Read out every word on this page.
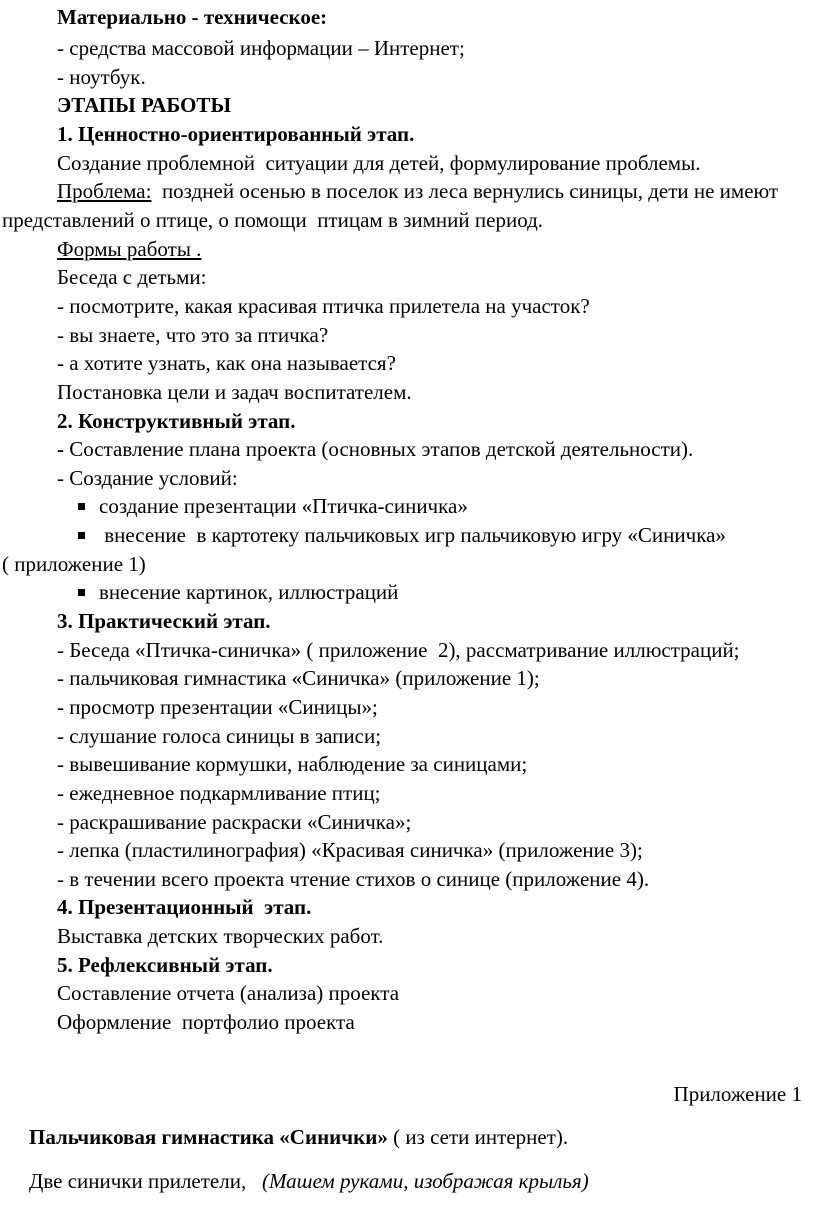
Материально - техническое:
- средства массовой информации – Интернет;
- ноутбук.
ЭТАПЫ РАБОТЫ
1. Ценностно-ориентированный этап.
Создание проблемной  ситуации для детей, формулирование проблемы.
Проблема:  поздней осенью в поселок из леса вернулись синицы, дети не имеют
представлений о птице, о помощи  птицам в зимний период.
Формы работы .
Беседа с детьми:
- посмотрите, какая красивая птичка прилетела на участок?
- вы знаете, что это за птичка?
- а хотите узнать, как она называется?
Постановка цели и задач воспитателем.
2. Конструктивный этап.
- Составление плана проекта (основных этапов детской деятельности).
- Создание условий:
создание презентации «Птичка-синичка»
внесение  в картотеку пальчиковых игр пальчиковую игру «Синичка»
( приложение 1)
внесение картинок, иллюстраций
3. Практический этап.
- Беседа «Птичка-синичка» ( приложение  2), рассматривание иллюстраций;
- пальчиковая гимнастика «Синичка» (приложение 1);
- просмотр презентации «Синицы»;
- слушание голоса синицы в записи;
- вывешивание кормушки, наблюдение за синицами;
- ежедневное подкармливание птиц;
- раскрашивание раскраски «Синичка»;
- лепка (пластилинография) «Красивая синичка» (приложение 3);
- в течении всего проекта чтение стихов о синице (приложение 4).
4. Презентационный  этап.
Выставка детских творческих работ.
5. Рефлексивный этап.
Составление отчета (анализа) проекта
Оформление  портфолио проекта
Приложение 1
Пальчиковая гимнастика «Синички» ( из сети интернет).
Две синички прилетели,   (Машем руками, изображая крылья)
